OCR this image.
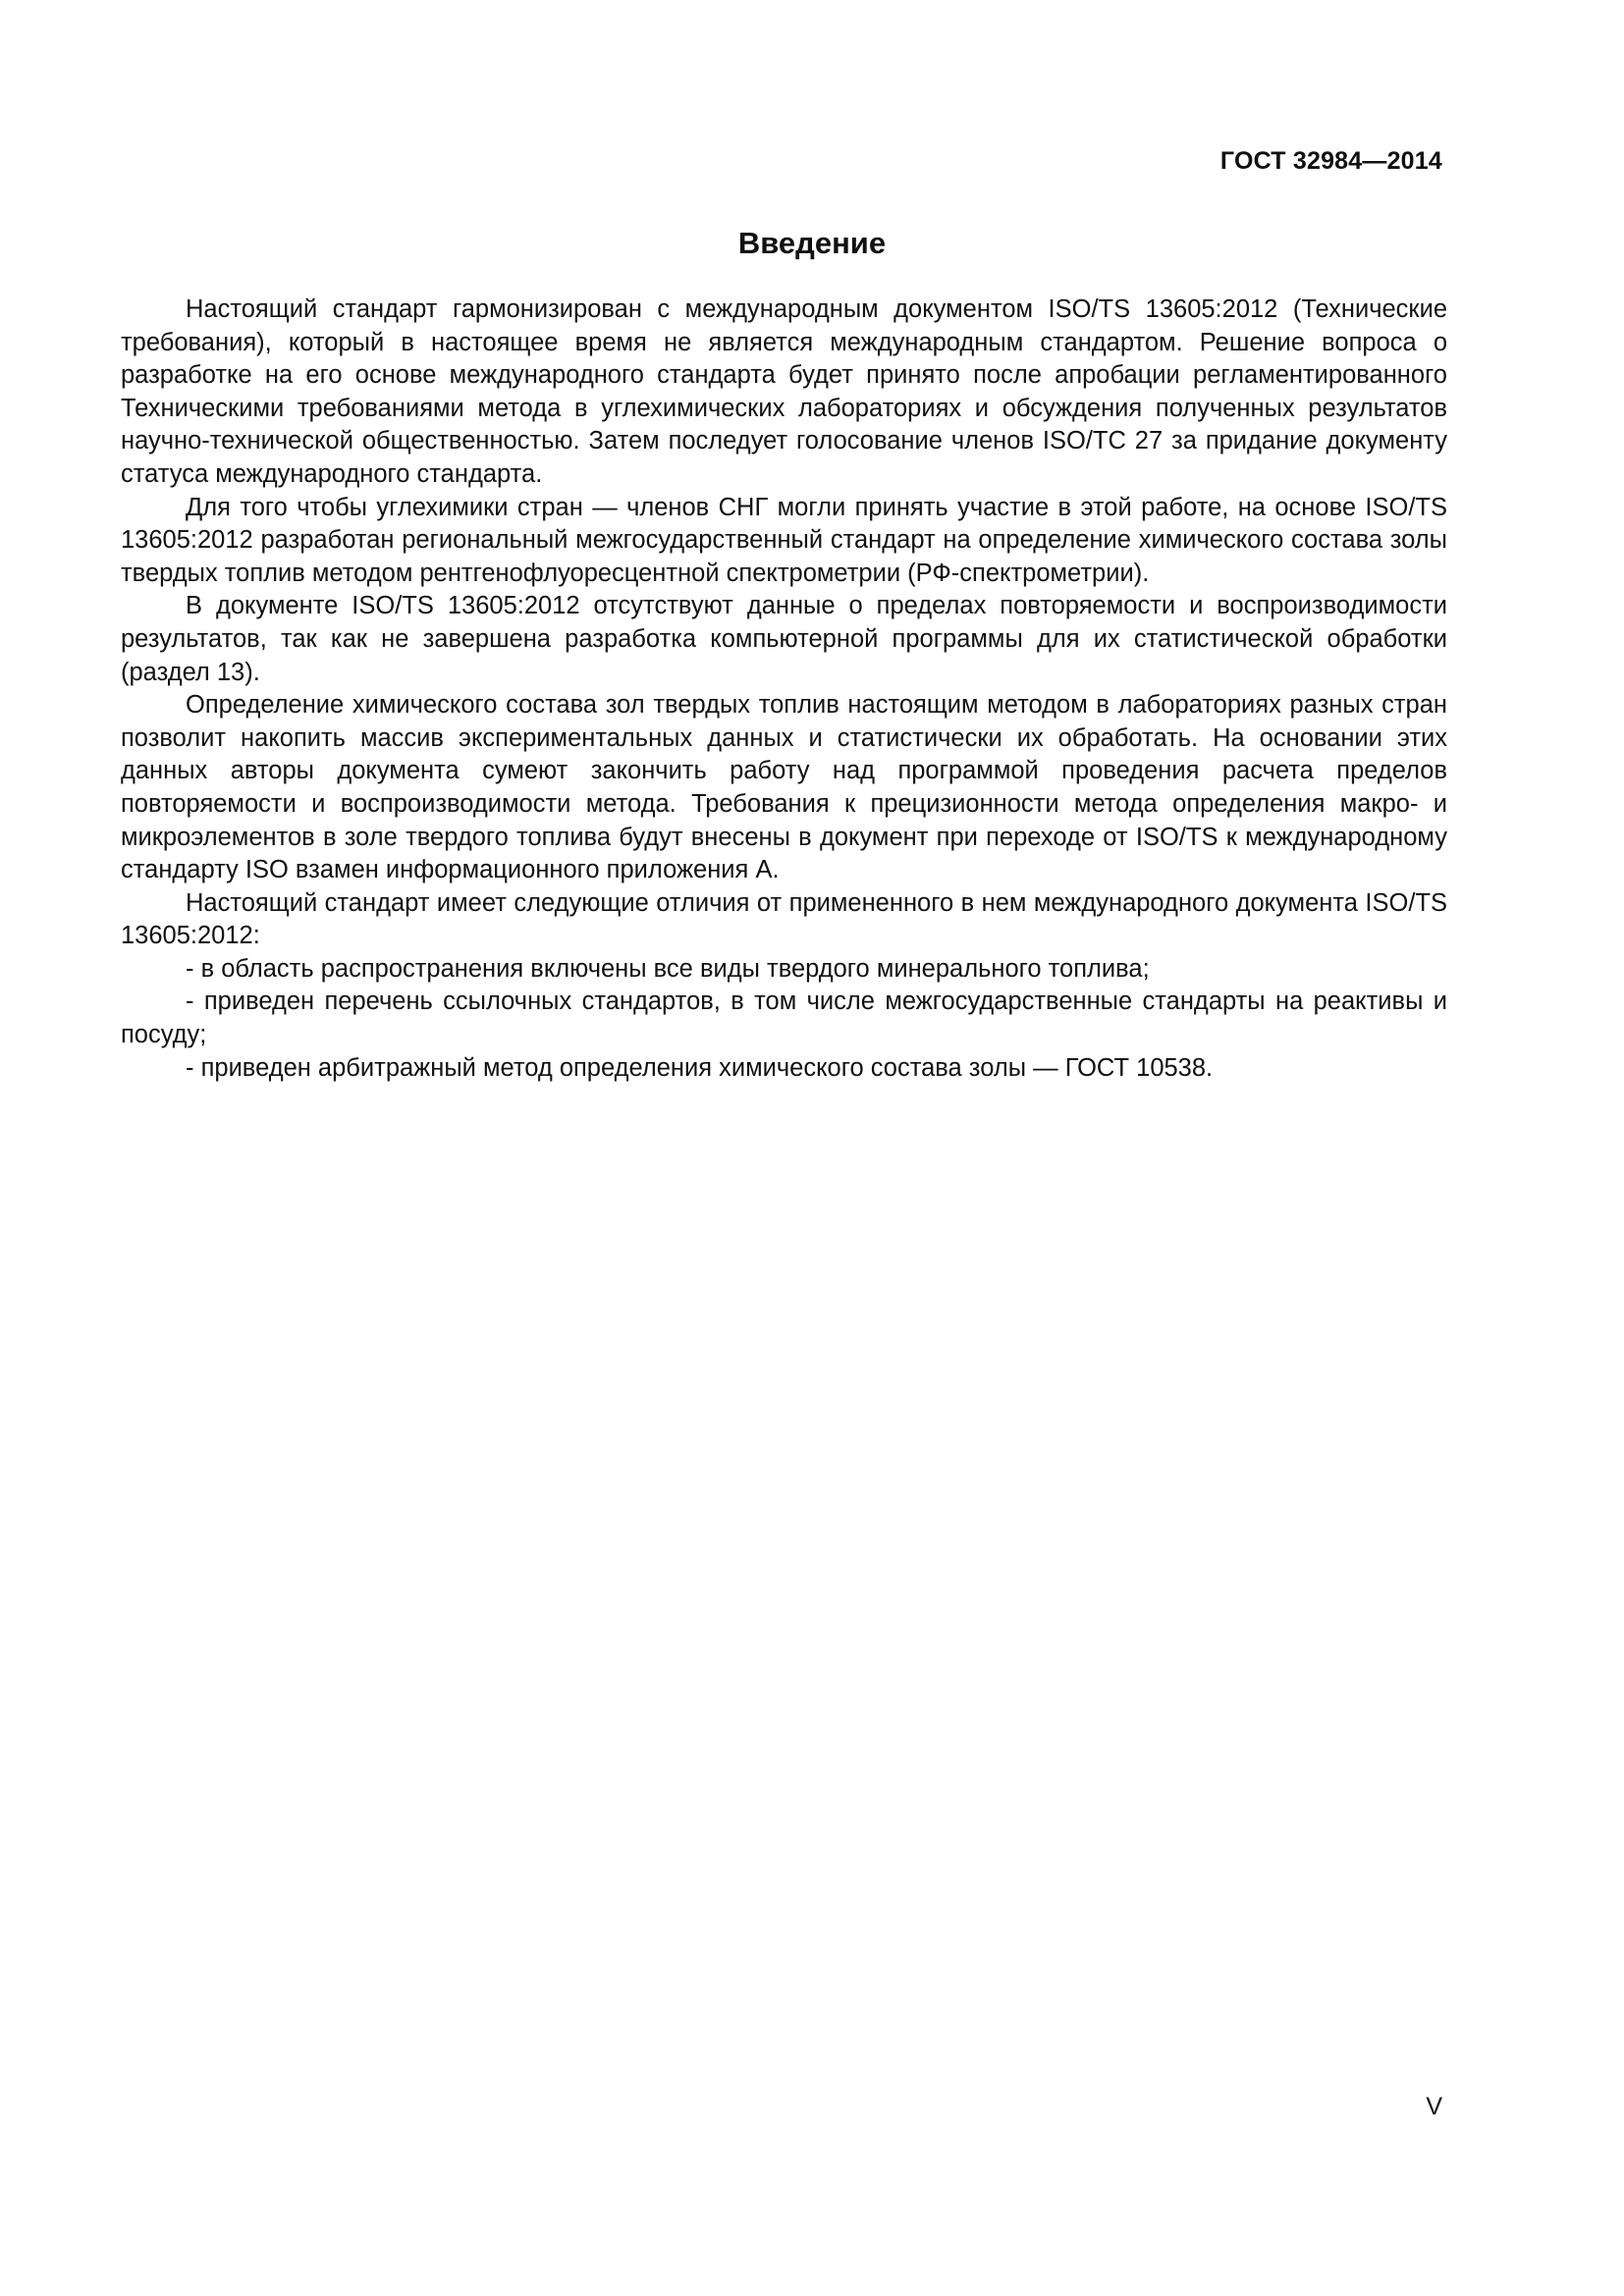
ГОСТ 32984—2014
Введение

Настоящий стандарт гармонизирован с международным документом ISO/TS 13605:2012 (Технические требования), который в настоящее время не является международным стандартом. Решение вопроса о разработке на его основе международного стандарта будет принято после апробации регламентированного Техническими требованиями метода в углехимических лабораториях и обсуждения полученных результатов научно-технической общественностью. Затем последует голосование членов ISO/TC 27 за придание документу статуса международного стандарта.

Для того чтобы углехимики стран — членов СНГ могли принять участие в этой работе, на основе ISO/TS 13605:2012 разработан региональный межгосударственный стандарт на определение химического состава золы твердых топлив методом рентгенофлуоресцентной спектрометрии (РФ-спектрометрии).

В документе ISO/TS 13605:2012 отсутствуют данные о пределах повторяемости и воспроизводимости результатов, так как не завершена разработка компьютерной программы для их статистической обработки (раздел 13).

Определение химического состава зол твердых топлив настоящим методом в лабораториях разных стран позволит накопить массив экспериментальных данных и статистически их обработать. На основании этих данных авторы документа сумеют закончить работу над программой проведения расчета пределов повторяемости и воспроизводимости метода. Требования к прецизионности метода определения макро- и микроэлементов в золе твердого топлива будут внесены в документ при переходе от ISO/TS к международному стандарту ISO взамен информационного приложения А.

Настоящий стандарт имеет следующие отличия от примененного в нем международного документа ISO/TS 13605:2012:

- в область распространения включены все виды твердого минерального топлива;

- приведен перечень ссылочных стандартов, в том числе межгосударственные стандарты на реактивы и посуду;

- приведен арбитражный метод определения химического состава золы — ГОСТ 10538.

V
